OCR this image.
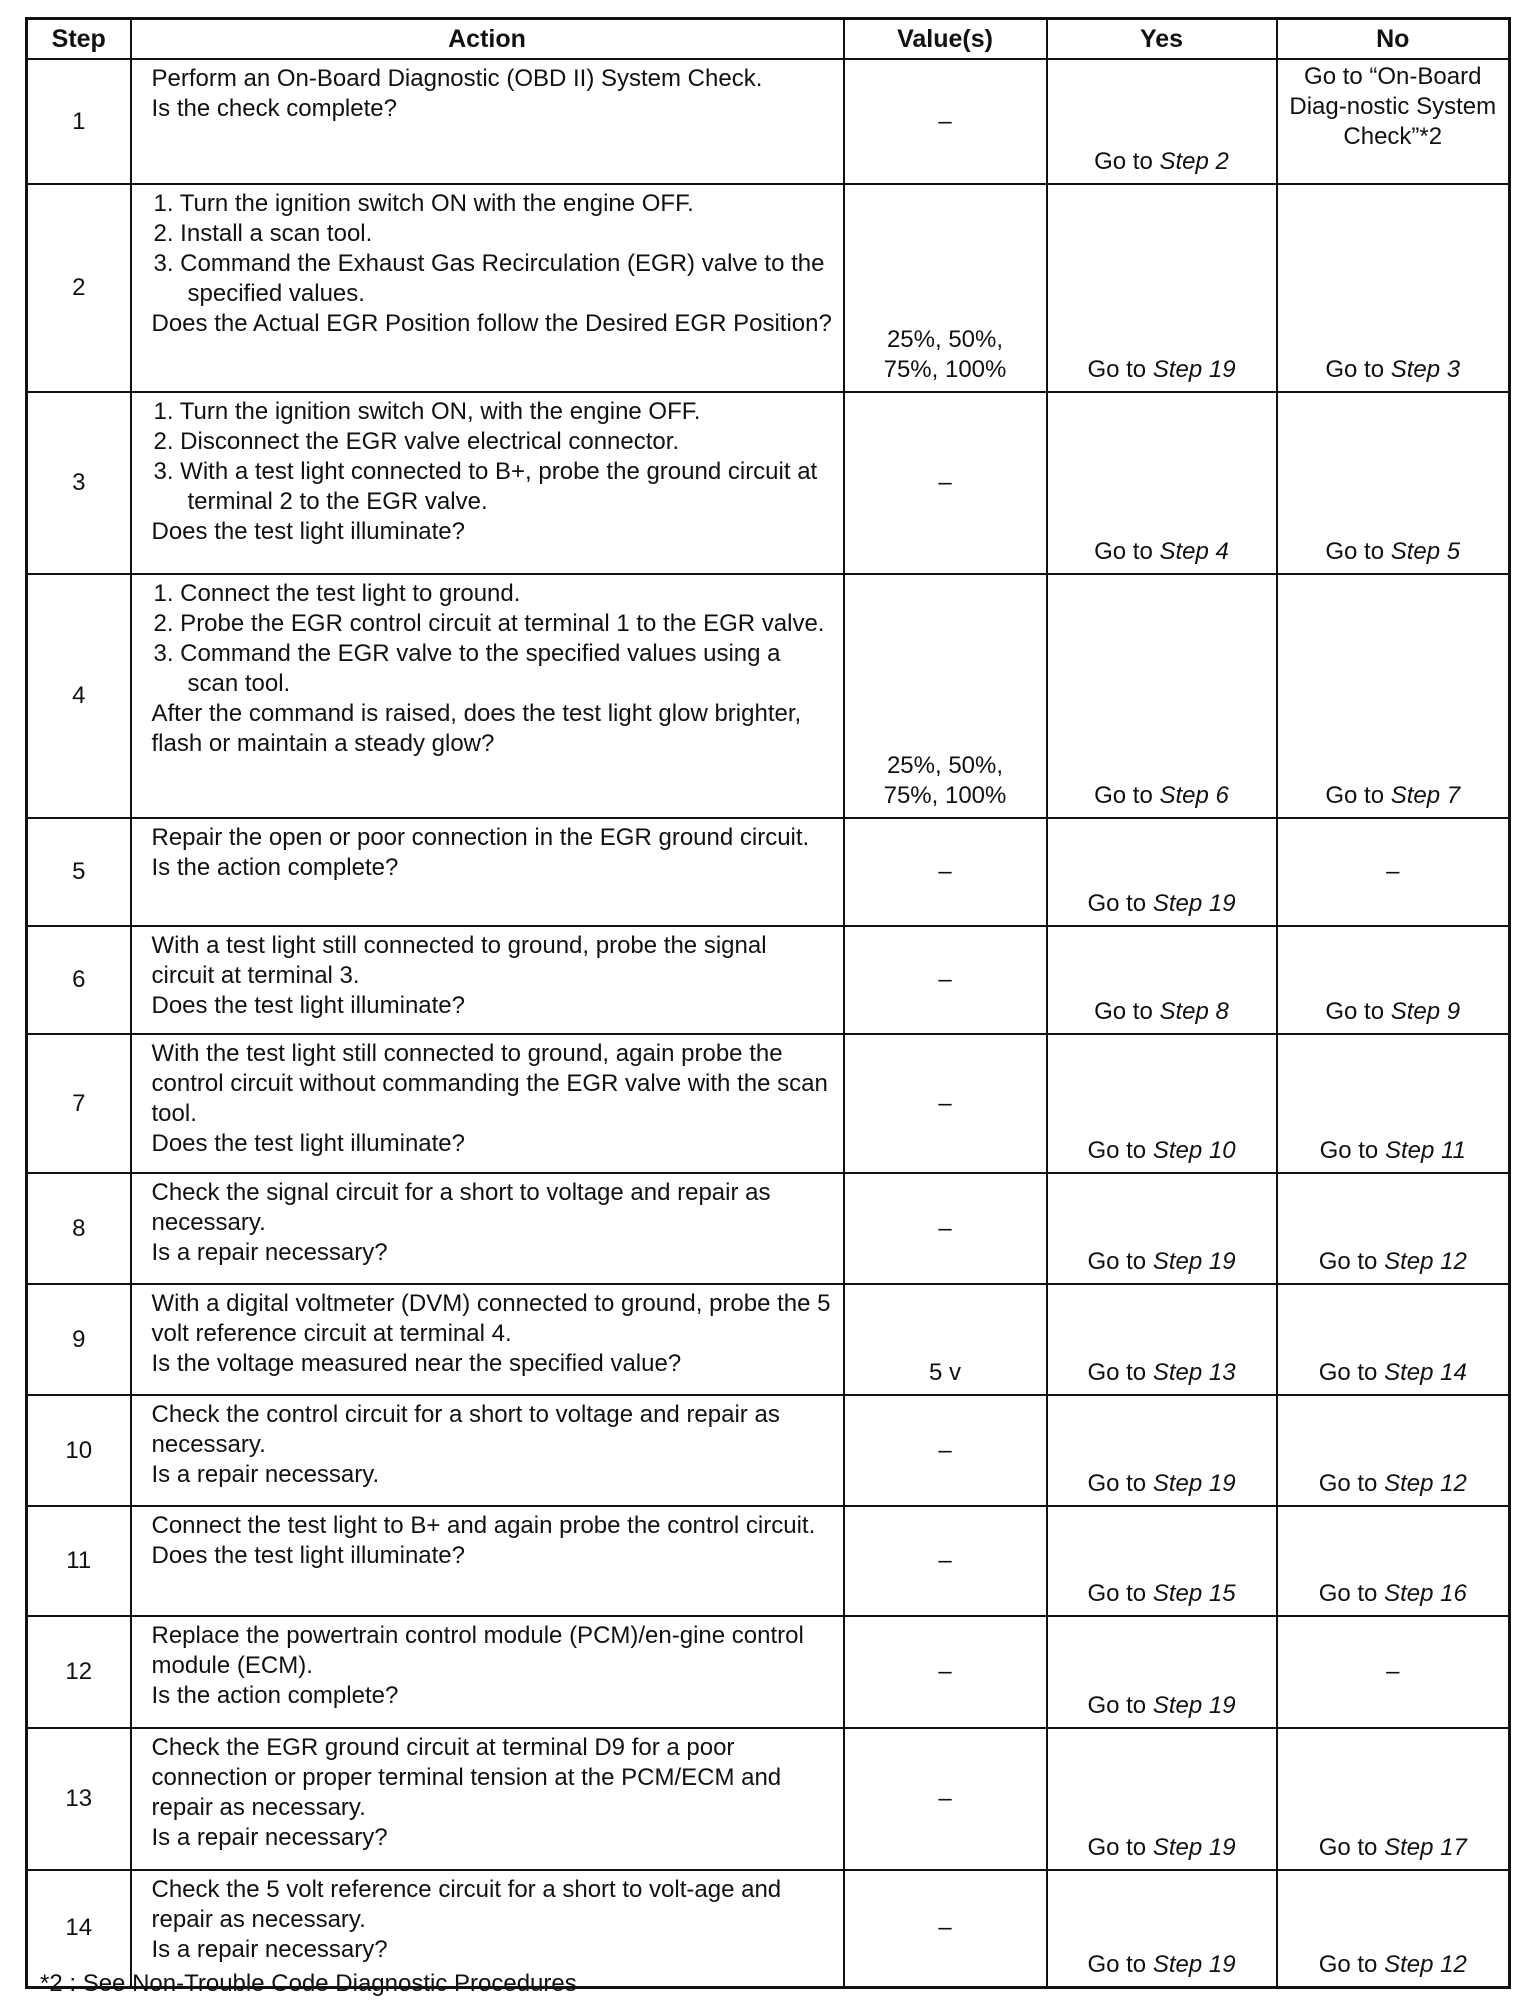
Step	Action	Value(s)	Yes	No
1	Perform an On-Board Diagnostic (OBD II) System Check.
Is the check complete?	–	Go to Step 2	Go to “On-Board Diag-nostic System Check”*2
2	1. Turn the ignition switch ON with the engine OFF.
2. Install a scan tool.
3. Command the Exhaust Gas Recirculation (EGR) valve to the specified values.
Does the Actual EGR Position follow the Desired EGR Position?	25%, 50%, 75%, 100%	Go to Step 19	Go to Step 3
3	1. Turn the ignition switch ON, with the engine OFF.
2. Disconnect the EGR valve electrical connector.
3. With a test light connected to B+, probe the ground circuit at terminal 2 to the EGR valve.
Does the test light illuminate?	–	Go to Step 4	Go to Step 5
4	1. Connect the test light to ground.
2. Probe the EGR control circuit at terminal 1 to the EGR valve.
3. Command the EGR valve to the specified values using a scan tool.
After the command is raised, does the test light glow brighter, flash or maintain a steady glow?	25%, 50%, 75%, 100%	Go to Step 6	Go to Step 7
5	Repair the open or poor connection in the EGR ground circuit.
Is the action complete?	–	Go to Step 19	–
6	With a test light still connected to ground, probe the signal circuit at terminal 3.
Does the test light illuminate?	–	Go to Step 8	Go to Step 9
7	With the test light still connected to ground, again probe the control circuit without commanding the EGR valve with the scan tool.
Does the test light illuminate?	–	Go to Step 10	Go to Step 11
8	Check the signal circuit for a short to voltage and repair as necessary.
Is a repair necessary?	–	Go to Step 19	Go to Step 12
9	With a digital voltmeter (DVM) connected to ground, probe the 5 volt reference circuit at terminal 4.
Is the voltage measured near the specified value?	5 v	Go to Step 13	Go to Step 14
10	Check the control circuit for a short to voltage and repair as necessary.
Is a repair necessary.	–	Go to Step 19	Go to Step 12
11	Connect the test light to B+ and again probe the control circuit.
Does the test light illuminate?	–	Go to Step 15	Go to Step 16
12	Replace the powertrain control module (PCM)/en-gine control module (ECM).
Is the action complete?	–	Go to Step 19	–
13	Check the EGR ground circuit at terminal D9 for a poor connection or proper terminal tension at the PCM/ECM and repair as necessary.
Is a repair necessary?	–	Go to Step 19	Go to Step 17
14	Check the 5 volt reference circuit for a short to volt-age and repair as necessary.
Is a repair necessary?	–	Go to Step 19	Go to Step 12
*2 : See Non-Trouble Code Diagnostic Procedures
